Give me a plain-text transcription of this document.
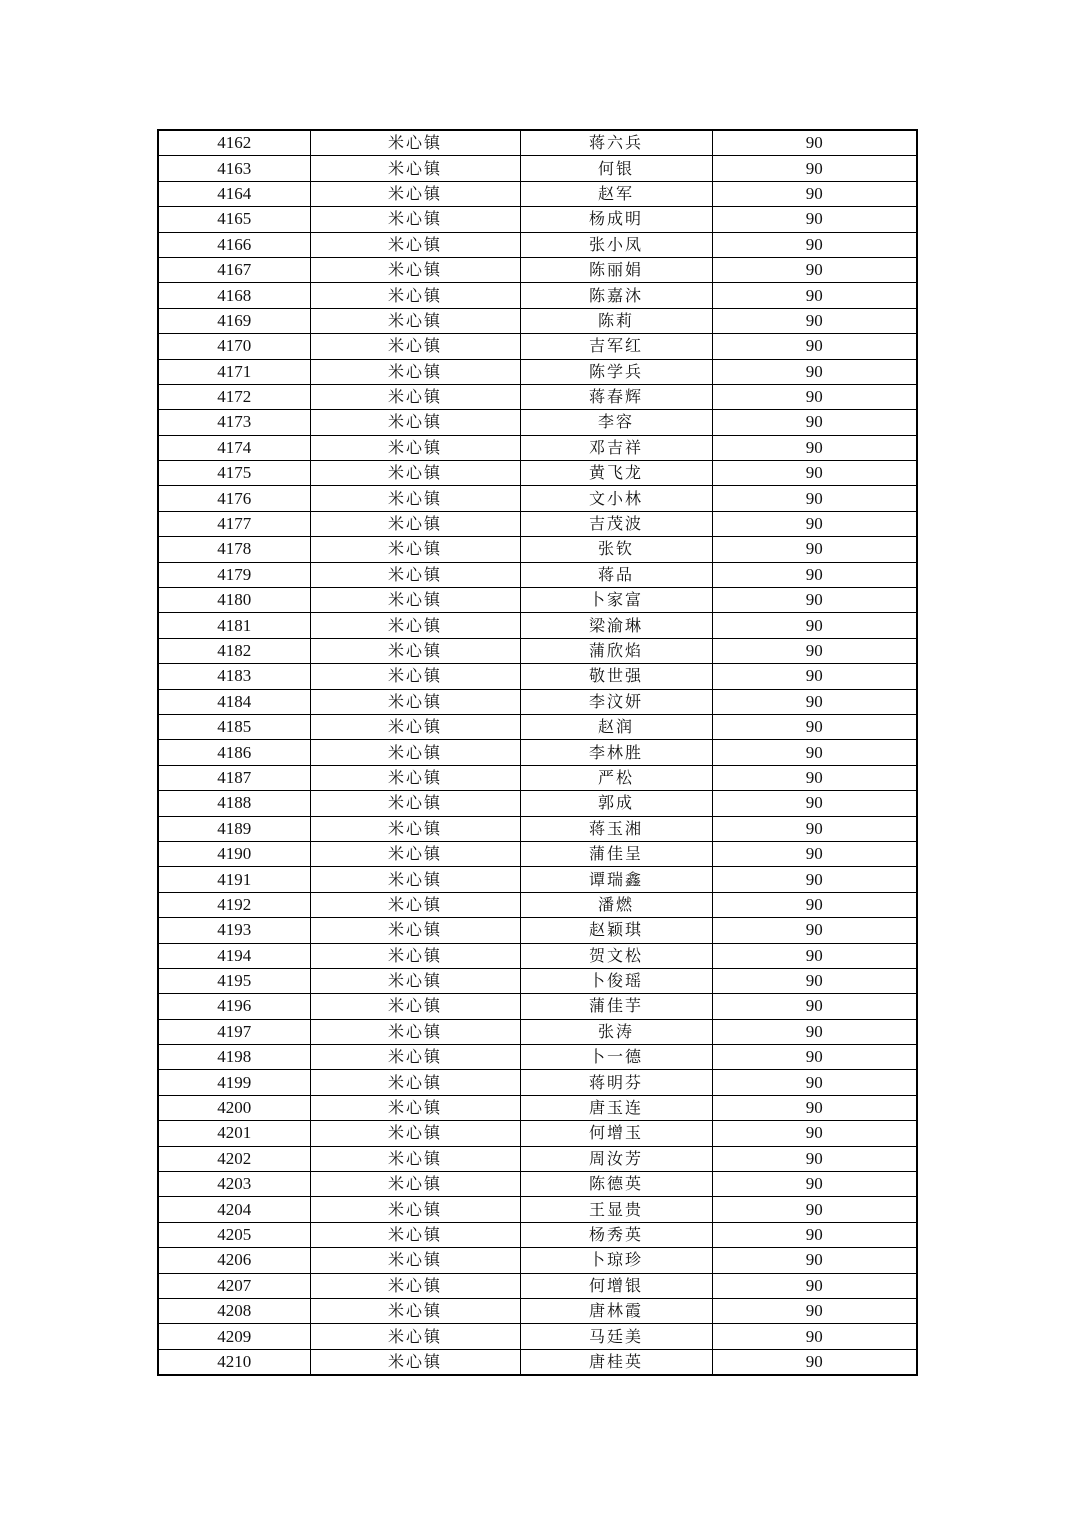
4162	米心镇	蒋六兵	90
4163	米心镇	何银	90
4164	米心镇	赵军	90
4165	米心镇	杨成明	90
4166	米心镇	张小凤	90
4167	米心镇	陈丽娟	90
4168	米心镇	陈嘉沐	90
4169	米心镇	陈莉	90
4170	米心镇	吉军红	90
4171	米心镇	陈学兵	90
4172	米心镇	蒋春辉	90
4173	米心镇	李容	90
4174	米心镇	邓吉祥	90
4175	米心镇	黄飞龙	90
4176	米心镇	文小林	90
4177	米心镇	吉茂波	90
4178	米心镇	张钦	90
4179	米心镇	蒋品	90
4180	米心镇	卜家富	90
4181	米心镇	梁渝琳	90
4182	米心镇	蒲欣焰	90
4183	米心镇	敬世强	90
4184	米心镇	李汶妍	90
4185	米心镇	赵润	90
4186	米心镇	李林胜	90
4187	米心镇	严松	90
4188	米心镇	郭成	90
4189	米心镇	蒋玉湘	90
4190	米心镇	蒲佳呈	90
4191	米心镇	谭瑞鑫	90
4192	米心镇	潘燃	90
4193	米心镇	赵颖琪	90
4194	米心镇	贺文松	90
4195	米心镇	卜俊瑶	90
4196	米心镇	蒲佳芋	90
4197	米心镇	张涛	90
4198	米心镇	卜一德	90
4199	米心镇	蒋明芬	90
4200	米心镇	唐玉连	90
4201	米心镇	何增玉	90
4202	米心镇	周汝芳	90
4203	米心镇	陈德英	90
4204	米心镇	王显贵	90
4205	米心镇	杨秀英	90
4206	米心镇	卜琼珍	90
4207	米心镇	何增银	90
4208	米心镇	唐林霞	90
4209	米心镇	马廷美	90
4210	米心镇	唐桂英	90
